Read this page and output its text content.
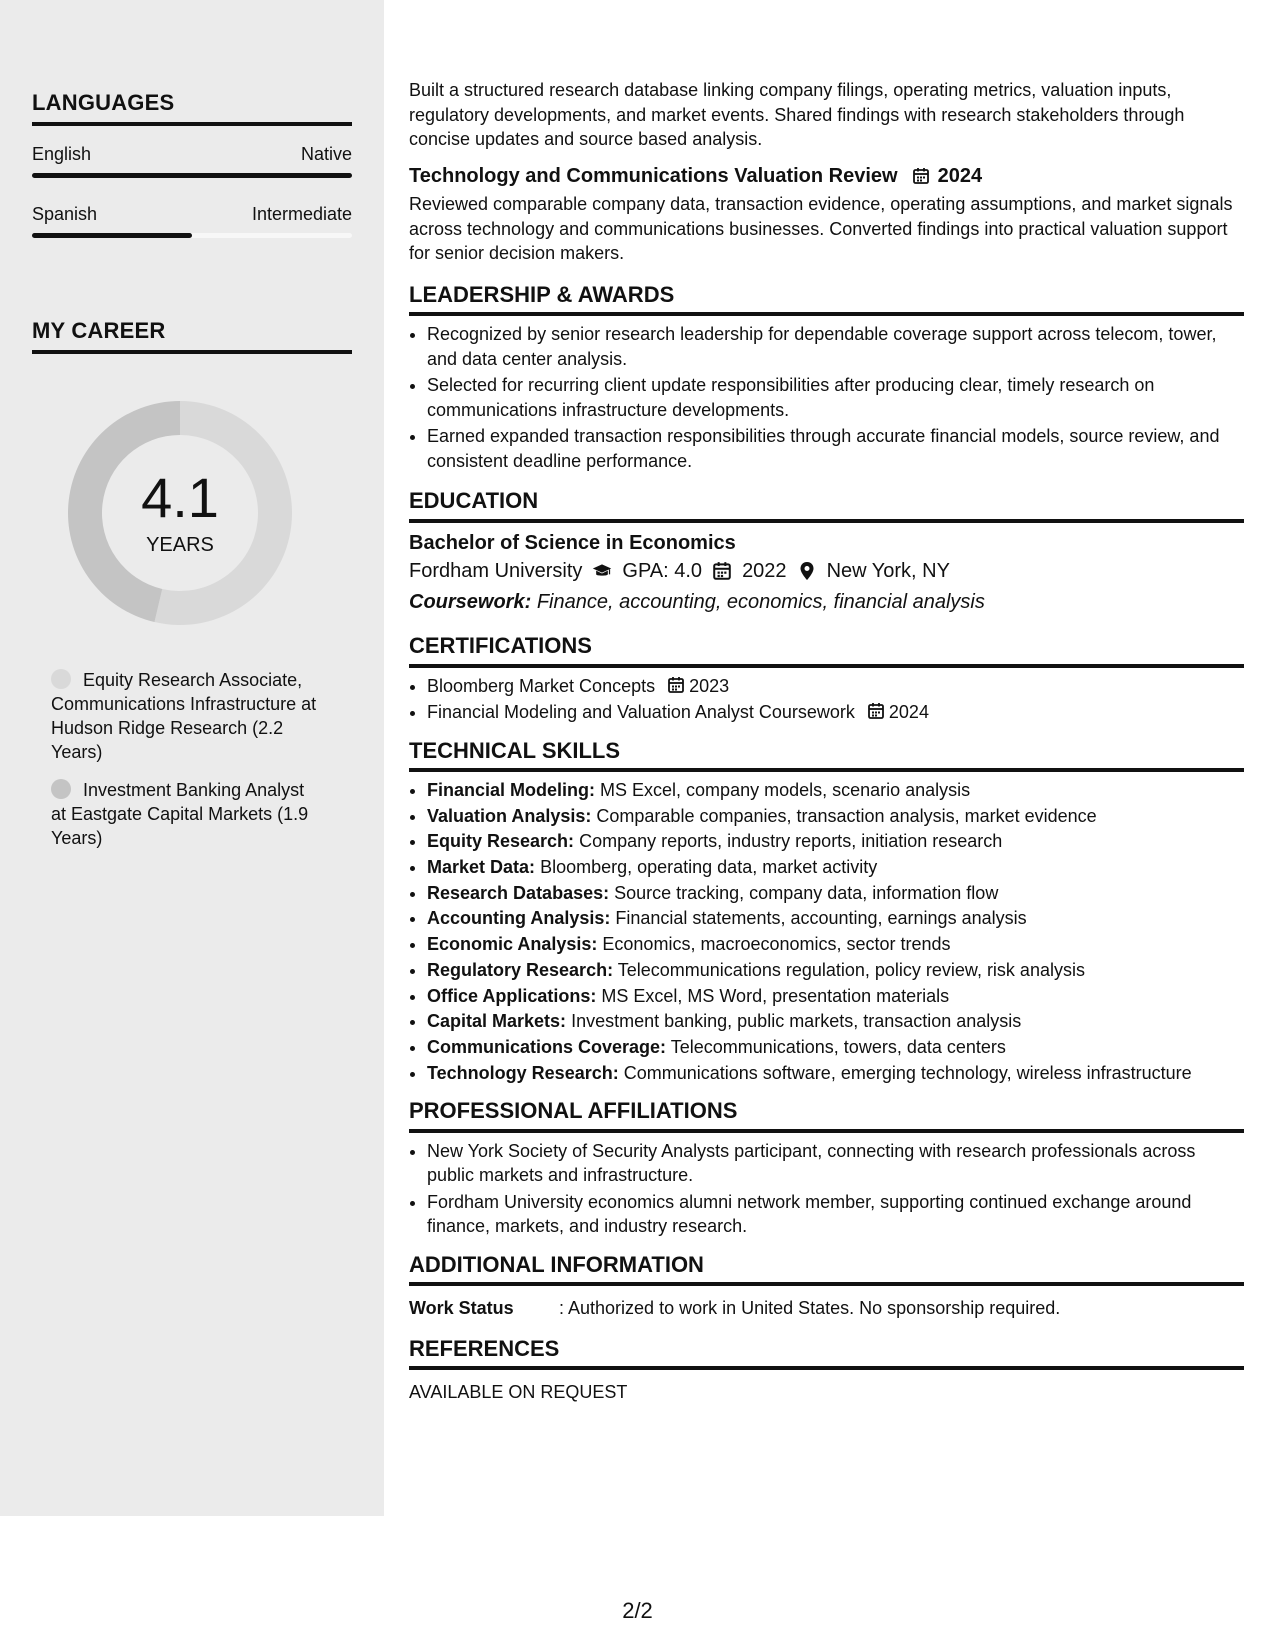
LANGUAGES
English	Native
Spanish	Intermediate
MY CAREER
4.1
YEARS
Equity Research Associate, Communications Infrastructure at Hudson Ridge Research (2.2 Years)
Investment Banking Analyst at Eastgate Capital Markets (1.9 Years)

Built a structured research database linking company filings, operating metrics, valuation inputs, regulatory developments, and market events. Shared findings with research stakeholders through concise updates and source based analysis.

Technology and Communications Valuation Review 2024

Reviewed comparable company data, transaction evidence, operating assumptions, and market signals across technology and communications businesses. Converted findings into practical valuation support for senior decision makers.

LEADERSHIP & AWARDS
• Recognized by senior research leadership for dependable coverage support across telecom, tower, and data center analysis.
• Selected for recurring client update responsibilities after producing clear, timely research on communications infrastructure developments.
• Earned expanded transaction responsibilities through accurate financial models, source review, and consistent deadline performance.
EDUCATION
Bachelor of Science in Economics
Fordham University GPA: 4.0 2022 New York, NY
Coursework: Finance, accounting, economics, financial analysis
CERTIFICATIONS
• Bloomberg Market Concepts 2023
• Financial Modeling and Valuation Analyst Coursework 2024
TECHNICAL SKILLS
• Financial Modeling: MS Excel, company models, scenario analysis
• Valuation Analysis: Comparable companies, transaction analysis, market evidence
• Equity Research: Company reports, industry reports, initiation research
• Market Data: Bloomberg, operating data, market activity
• Research Databases: Source tracking, company data, information flow
• Accounting Analysis: Financial statements, accounting, earnings analysis
• Economic Analysis: Economics, macroeconomics, sector trends
• Regulatory Research: Telecommunications regulation, policy review, risk analysis
• Office Applications: MS Excel, MS Word, presentation materials
• Capital Markets: Investment banking, public markets, transaction analysis
• Communications Coverage: Telecommunications, towers, data centers
• Technology Research: Communications software, emerging technology, wireless infrastructure
PROFESSIONAL AFFILIATIONS
• New York Society of Security Analysts participant, connecting with research professionals across public markets and infrastructure.
• Fordham University economics alumni network member, supporting continued exchange around finance, markets, and industry research.
ADDITIONAL INFORMATION
Work Status	: Authorized to work in United States. No sponsorship required.
REFERENCES

AVAILABLE ON REQUEST

2/2
